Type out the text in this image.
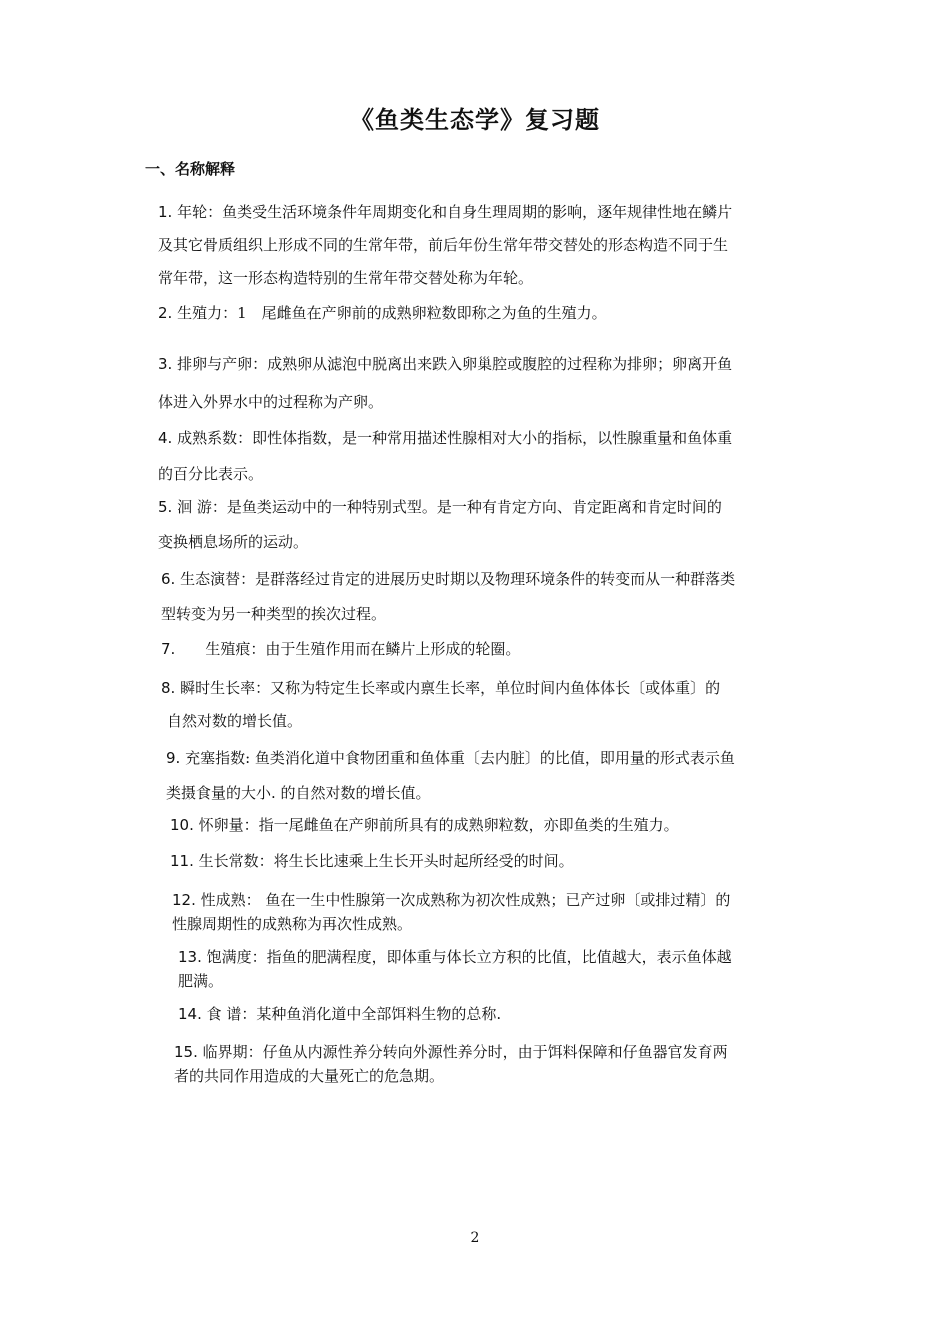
《鱼类生态学》复习题
一、名称解释
1. 年轮：鱼类受生活环境条件年周期变化和自身生理周期的影响，逐年规律性地在鳞片
及其它骨质组织上形成不同的生常年带，前后年份生常年带交替处的形态构造不同于生
常年带，这一形态构造特别的生常年带交替处称为年轮。
2. 生殖力：1　尾雌鱼在产卵前的成熟卵粒数即称之为鱼的生殖力。
3. 排卵与产卵：成熟卵从滤泡中脱离出来跌入卵巢腔或腹腔的过程称为排卵；卵离开鱼
体进入外界水中的过程称为产卵。
4. 成熟系数：即性体指数，是一种常用描述性腺相对大小的指标，以性腺重量和鱼体重
的百分比表示。
5. 洄 游：是鱼类运动中的一种特别式型。是一种有肯定方向、肯定距离和肯定时间的
变换栖息场所的运动。
6. 生态演替：是群落经过肯定的进展历史时期以及物理环境条件的转变而从一种群落类
型转变为另一种类型的挨次过程。
7.　　生殖痕：由于生殖作用而在鳞片上形成的轮圈。
8. 瞬时生长率：又称为特定生长率或内禀生长率，单位时间内鱼体体长〔或体重〕的
自然对数的增长值。
9. 充塞指数: 鱼类消化道中食物团重和鱼体重〔去内脏〕的比值，即用量的形式表示鱼
类摄食量的大小. 的自然对数的增长值。
10. 怀卵量：指一尾雌鱼在产卵前所具有的成熟卵粒数，亦即鱼类的生殖力。
11. 生长常数：将生长比速乘上生长开头时起所经受的时间。
12. 性成熟： 鱼在一生中性腺第一次成熟称为初次性成熟；已产过卵〔或排过精〕的
性腺周期性的成熟称为再次性成熟。
13. 饱满度：指鱼的肥满程度，即体重与体长立方积的比值，比值越大，表示鱼体越
肥满。
14. 食 谱：某种鱼消化道中全部饵料生物的总称.
15. 临界期：仔鱼从内源性养分转向外源性养分时，由于饵料保障和仔鱼器官发育两
者的共同作用造成的大量死亡的危急期。
2
